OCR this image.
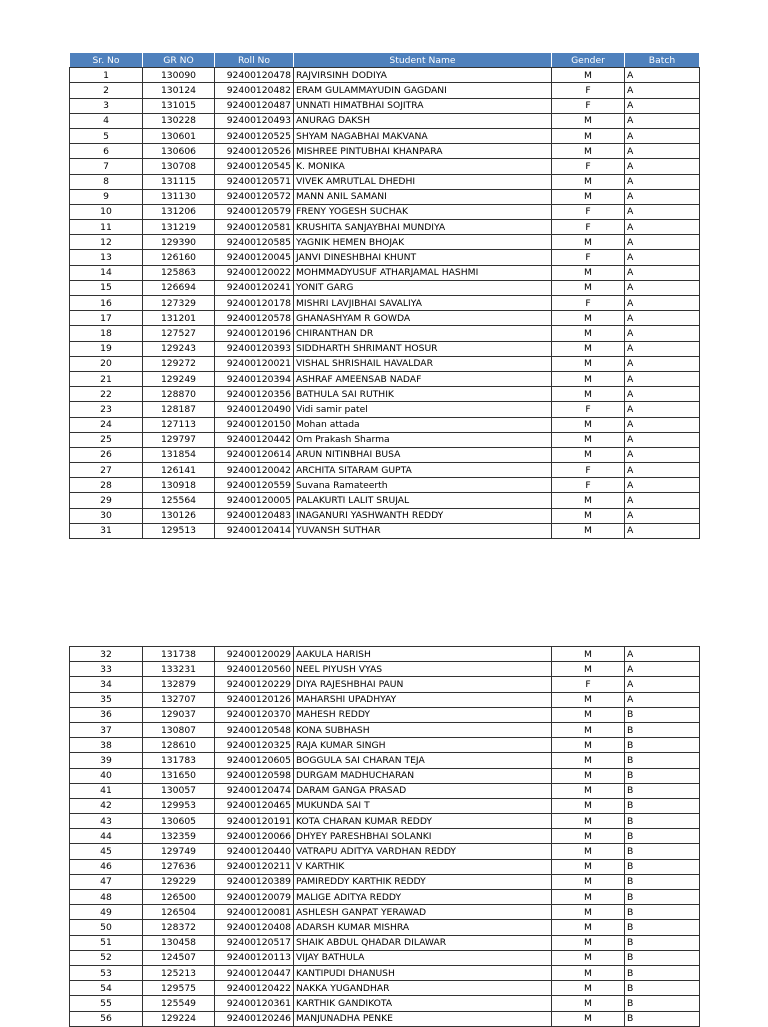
Sr. No	GR NO	Roll No	Student Name	Gender	Batch
1	130090	92400120478	RAJVIRSINH DODIYA	M	A
2	130124	92400120482	ERAM GULAMMAYUDIN GAGDANI	F	A
3	131015	92400120487	UNNATI HIMATBHAI SOJITRA	F	A
4	130228	92400120493	ANURAG DAKSH	M	A
5	130601	92400120525	SHYAM NAGABHAI MAKVANA	M	A
6	130606	92400120526	MISHREE PINTUBHAI KHANPARA	M	A
7	130708	92400120545	K. MONIKA	F	A
8	131115	92400120571	VIVEK AMRUTLAL DHEDHI	M	A
9	131130	92400120572	MANN ANIL SAMANI	M	A
10	131206	92400120579	FRENY YOGESH SUCHAK	F	A
11	131219	92400120581	KRUSHITA SANJAYBHAI MUNDIYA	F	A
12	129390	92400120585	YAGNIK HEMEN BHOJAK	M	A
13	126160	92400120045	JANVI DINESHBHAI KHUNT	F	A
14	125863	92400120022	MOHMMADYUSUF ATHARJAMAL HASHMI	M	A
15	126694	92400120241	YONIT GARG	M	A
16	127329	92400120178	MISHRI LAVJIBHAI SAVALIYA	F	A
17	131201	92400120578	GHANASHYAM R GOWDA	M	A
18	127527	92400120196	CHIRANTHAN DR	M	A
19	129243	92400120393	SIDDHARTH SHRIMANT HOSUR	M	A
20	129272	92400120021	VISHAL SHRISHAIL HAVALDAR	M	A
21	129249	92400120394	ASHRAF AMEENSAB NADAF	M	A
22	128870	92400120356	BATHULA SAI RUTHIK	M	A
23	128187	92400120490	Vidi samir patel	F	A
24	127113	92400120150	Mohan attada	M	A
25	129797	92400120442	Om Prakash Sharma	M	A
26	131854	92400120614	ARUN NITINBHAI BUSA	M	A
27	126141	92400120042	ARCHITA SITARAM GUPTA	F	A
28	130918	92400120559	Suvana Ramateerth	F	A
29	125564	92400120005	PALAKURTI LALIT SRUJAL	M	A
30	130126	92400120483	INAGANURI YASHWANTH REDDY	M	A
31	129513	92400120414	YUVANSH SUTHAR	M	A
32	131738	92400120029	AAKULA HARISH	M	A
33	133231	92400120560	NEEL PIYUSH VYAS	M	A
34	132879	92400120229	DIYA RAJESHBHAI PAUN	F	A
35	132707	92400120126	MAHARSHI UPADHYAY	M	A
36	129037	92400120370	MAHESH REDDY	M	B
37	130807	92400120548	KONA SUBHASH	M	B
38	128610	92400120325	RAJA KUMAR SINGH	M	B
39	131783	92400120605	BOGGULA SAI CHARAN TEJA	M	B
40	131650	92400120598	DURGAM MADHUCHARAN	M	B
41	130057	92400120474	DARAM GANGA PRASAD	M	B
42	129953	92400120465	MUKUNDA SAI T	M	B
43	130605	92400120191	KOTA CHARAN KUMAR REDDY	M	B
44	132359	92400120066	DHYEY PARESHBHAI SOLANKI	M	B
45	129749	92400120440	VATRAPU ADITYA VARDHAN REDDY	M	B
46	127636	92400120211	V KARTHIK	M	B
47	129229	92400120389	PAMIREDDY KARTHIK REDDY	M	B
48	126500	92400120079	MALIGE ADITYA REDDY	M	B
49	126504	92400120081	ASHLESH GANPAT YERAWAD	M	B
50	128372	92400120408	ADARSH KUMAR MISHRA	M	B
51	130458	92400120517	SHAIK ABDUL QHADAR DILAWAR	M	B
52	124507	92400120113	VIJAY BATHULA	M	B
53	125213	92400120447	KANTIPUDI DHANUSH	M	B
54	129575	92400120422	NAKKA YUGANDHAR	M	B
55	125549	92400120361	KARTHIK GANDIKOTA	M	B
56	129224	92400120246	MANJUNADHA PENKE	M	B
